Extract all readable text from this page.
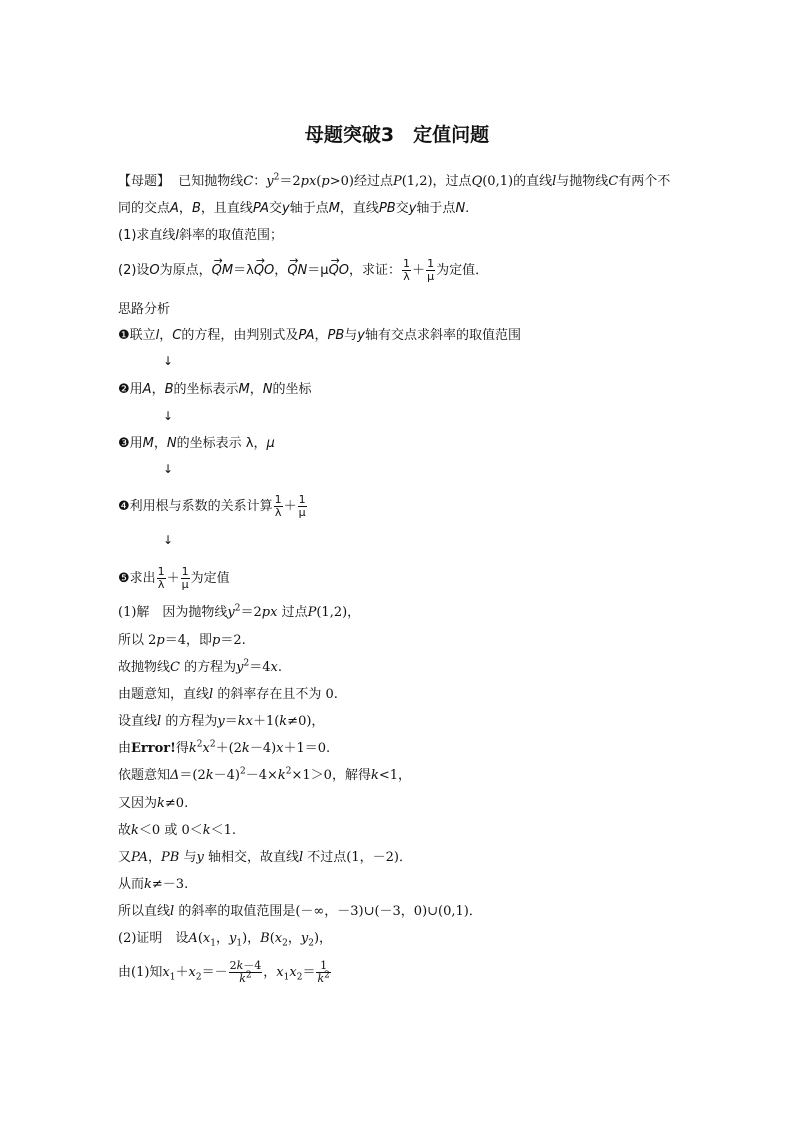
母题突破3　定值问题
【母题】 已知抛物线C：$y^2=2px(p>0)$经过点P(1,2)，过点Q(0,1)的直线l与抛物线C有两个不
同的交点A，B，且直线PA交y轴于点M，直线PB交y轴于点N.
(1)求直线l斜率的取值范围；
(2)设O为原点，→ QM＝λ→ QO，→ QN＝μ→ QO，求证： $\frac{1}{\lambda} + \frac{1}{\mu}$ 为定值．
思路分析
❶联立l，C的方程，由判别式及PA，PB与y轴有交点求斜率的取值范围
↓
❷用A，B的坐标表示M，N的坐标
↓
❸用M，N的坐标表示 λ，μ
↓
❹利用根与系数的关系计算 $\frac{1}{\lambda} + \frac{1}{\mu}$
↓
❺求出 $\frac{1}{\lambda} + \frac{1}{\mu}$ 为定值
(1)解　因为抛物线$y^2=2px$ 过点P(1,2)，
所以 2p＝4，即p＝2.
故抛物线C 的方程为$y^2=4x$.
由题意知，直线l 的斜率存在且不为 0.
设直线l 的方程为y＝kx＋1(k≠0)，
由Error!得$k^2x^2+(2k-4)x+1=0$.
依题意知$\Delta=(2k-4)^2-4\times k^2\times 1>0$，解得k<1，
又因为k≠0.
故k＜0 或 0＜k＜1.
又PA，PB 与y 轴相交，故直线l 不过点(1，－2)．
从而k≠－3.
所以直线l 的斜率的取值范围是(－∞，－3)∪(－3，0)∪(0,1)．
(2)证明　设$A(x_1$，$y_1$)，$B(x_2$，$y_2$)，
由(1)知$x_1+x_2=- \frac{2k-4}{k^2}$ ，$x_1x_2= \frac{1}{k^2}$
